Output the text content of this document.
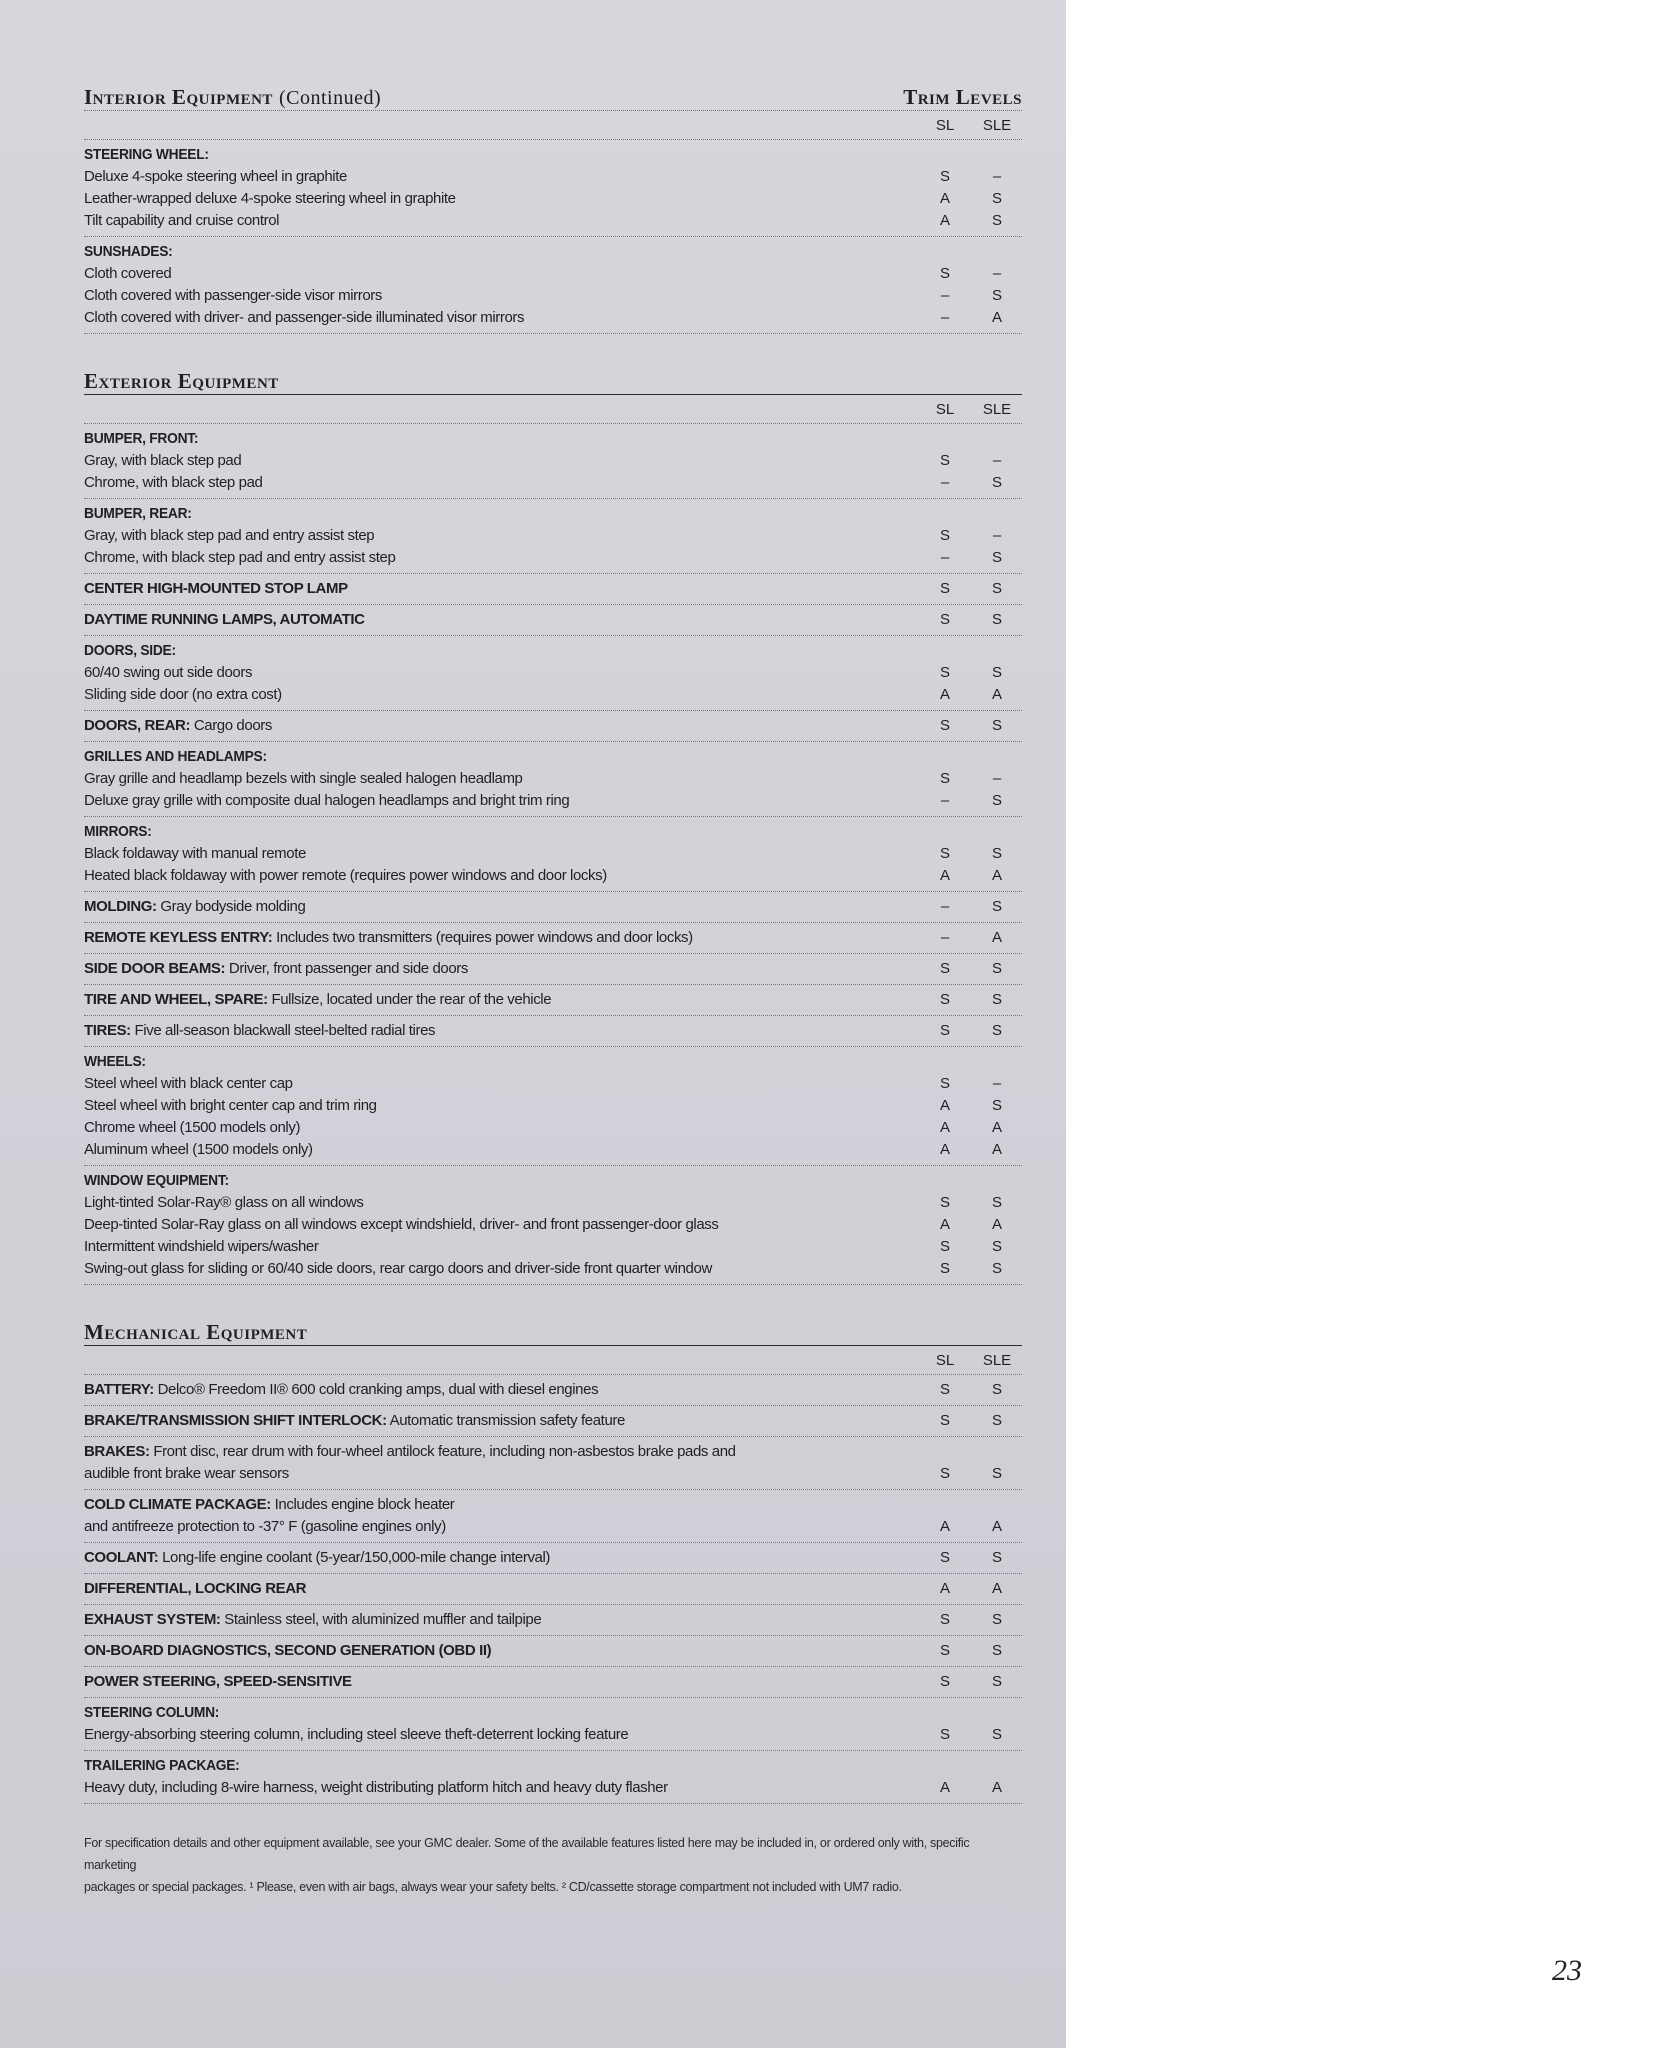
Interior Equipment (Continued)	Trim Levels
SL	SLE
STEERING WHEEL:
Deluxe 4-spoke steering wheel in graphite	S	–
Leather-wrapped deluxe 4-spoke steering wheel in graphite	A	S
Tilt capability and cruise control	A	S
SUNSHADES:
Cloth covered	S	–
Cloth covered with passenger-side visor mirrors	–	S
Cloth covered with driver- and passenger-side illuminated visor mirrors	–	A
Exterior Equipment
SL	SLE
BUMPER, FRONT:
Gray, with black step pad	S	–
Chrome, with black step pad	–	S
BUMPER, REAR:
Gray, with black step pad and entry assist step	S	–
Chrome, with black step pad and entry assist step	–	S
CENTER HIGH-MOUNTED STOP LAMP	S	S
DAYTIME RUNNING LAMPS, AUTOMATIC	S	S
DOORS, SIDE:
60/40 swing out side doors	S	S
Sliding side door (no extra cost)	A	A
DOORS, REAR: Cargo doors	S	S
GRILLES AND HEADLAMPS:
Gray grille and headlamp bezels with single sealed halogen headlamp	S	–
Deluxe gray grille with composite dual halogen headlamps and bright trim ring	–	S
MIRRORS:
Black foldaway with manual remote	S	S
Heated black foldaway with power remote (requires power windows and door locks)	A	A
MOLDING: Gray bodyside molding	–	S
REMOTE KEYLESS ENTRY: Includes two transmitters (requires power windows and door locks)	–	A
SIDE DOOR BEAMS: Driver, front passenger and side doors	S	S
TIRE AND WHEEL, SPARE: Fullsize, located under the rear of the vehicle	S	S
TIRES: Five all-season blackwall steel-belted radial tires	S	S
WHEELS:
Steel wheel with black center cap	S	–
Steel wheel with bright center cap and trim ring	A	S
Chrome wheel (1500 models only)	A	A
Aluminum wheel (1500 models only)	A	A
WINDOW EQUIPMENT:
Light-tinted Solar-Ray® glass on all windows	S	S
Deep-tinted Solar-Ray glass on all windows except windshield, driver- and front passenger-door glass	A	A
Intermittent windshield wipers/washer	S	S
Swing-out glass for sliding or 60/40 side doors, rear cargo doors and driver-side front quarter window	S	S
Mechanical Equipment
SL	SLE
BATTERY: Delco® Freedom II® 600 cold cranking amps, dual with diesel engines	S	S
BRAKE/TRANSMISSION SHIFT INTERLOCK: Automatic transmission safety feature	S	S
BRAKES: Front disc, rear drum with four-wheel antilock feature, including non-asbestos brake pads and
audible front brake wear sensors	S	S
COLD CLIMATE PACKAGE: Includes engine block heater
and antifreeze protection to -37° F (gasoline engines only)	A	A
COOLANT: Long-life engine coolant (5-year/150,000-mile change interval)	S	S
DIFFERENTIAL, LOCKING REAR	A	A
EXHAUST SYSTEM: Stainless steel, with aluminized muffler and tailpipe	S	S
ON-BOARD DIAGNOSTICS, SECOND GENERATION (OBD II)	S	S
POWER STEERING, SPEED-SENSITIVE	S	S
STEERING COLUMN:
Energy-absorbing steering column, including steel sleeve theft-deterrent locking feature	S	S
TRAILERING PACKAGE:
Heavy duty, including 8-wire harness, weight distributing platform hitch and heavy duty flasher	A	A
For specification details and other equipment available, see your GMC dealer. Some of the available features listed here may be included in, or ordered only with, specific marketing
packages or special packages. ¹ Please, even with air bags, always wear your safety belts. ² CD/cassette storage compartment not included with UM7 radio.
23
